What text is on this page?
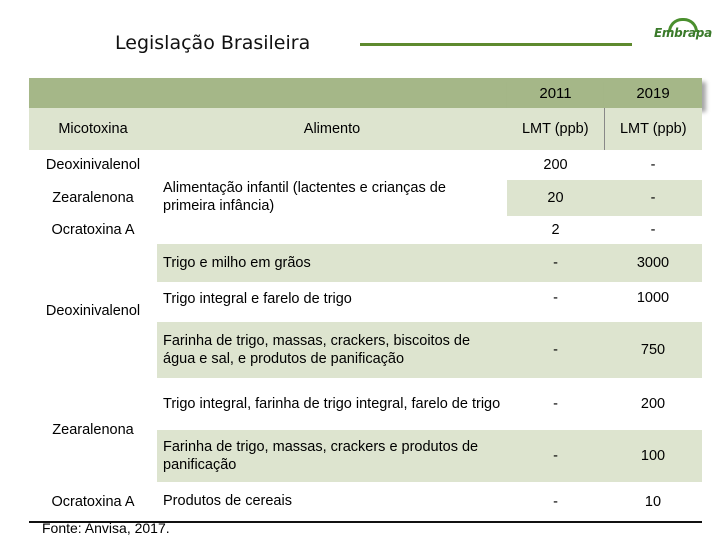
Legislação Brasileira	Embrapa
		2011	2019
Micotoxina	Alimento	LMT (ppb)	LMT (ppb)
Deoxinivalenol	Alimentação infantil (lactentes e crianças de primeira infância)	200	-
Zearalenona		20	-
Ocratoxina A		2	-
Deoxinivalenol	Trigo e milho em grãos	-	3000
	Trigo integral e farelo de trigo	-	1000
	Farinha de trigo, massas, crackers, biscoitos de água e sal, e produtos de panificação	-	750
Zearalenona	Trigo integral, farinha de trigo integral, farelo de trigo	-	200
	Farinha de trigo, massas, crackers e produtos de panificação	-	100
Ocratoxina A	Produtos de cereais	-	10
Fonte: Anvisa, 2017.
